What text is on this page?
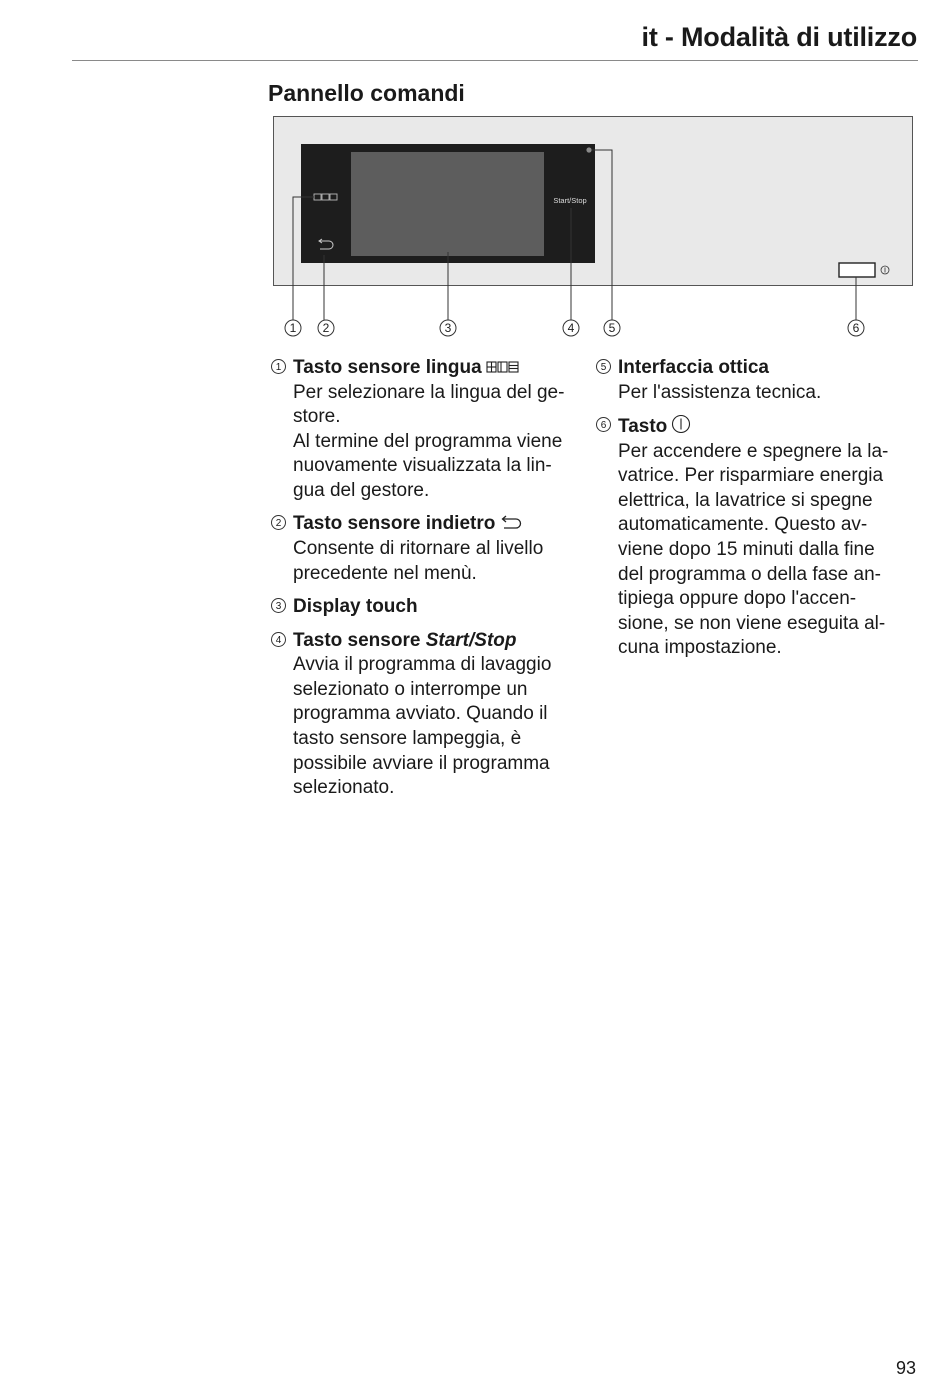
it - Modalità di utilizzo
Pannello comandi
Start/Stop
1 2	3	4	5	6
1 Tasto sensore lingua
Per selezionare la lingua del ge-
store.
Al termine del programma viene
nuovamente visualizzata la lin-
gua del gestore.
2 Tasto sensore indietro
Consente di ritornare al livello
precedente nel menù.
3 Display touch
4 Tasto sensore Start/Stop
Avvia il programma di lavaggio
selezionato o interrompe un
programma avviato. Quando il
tasto sensore lampeggia, è
possibile avviare il programma
selezionato.
5 Interfaccia ottica
Per l'assistenza tecnica.
6 Tasto
Per accendere e spegnere la la-
vatrice. Per risparmiare energia
elettrica, la lavatrice si spegne
automaticamente. Questo av-
viene dopo 15 minuti dalla fine
del programma o della fase an-
tipiega oppure dopo l'accen-
sione, se non viene eseguita al-
cuna impostazione.
93
